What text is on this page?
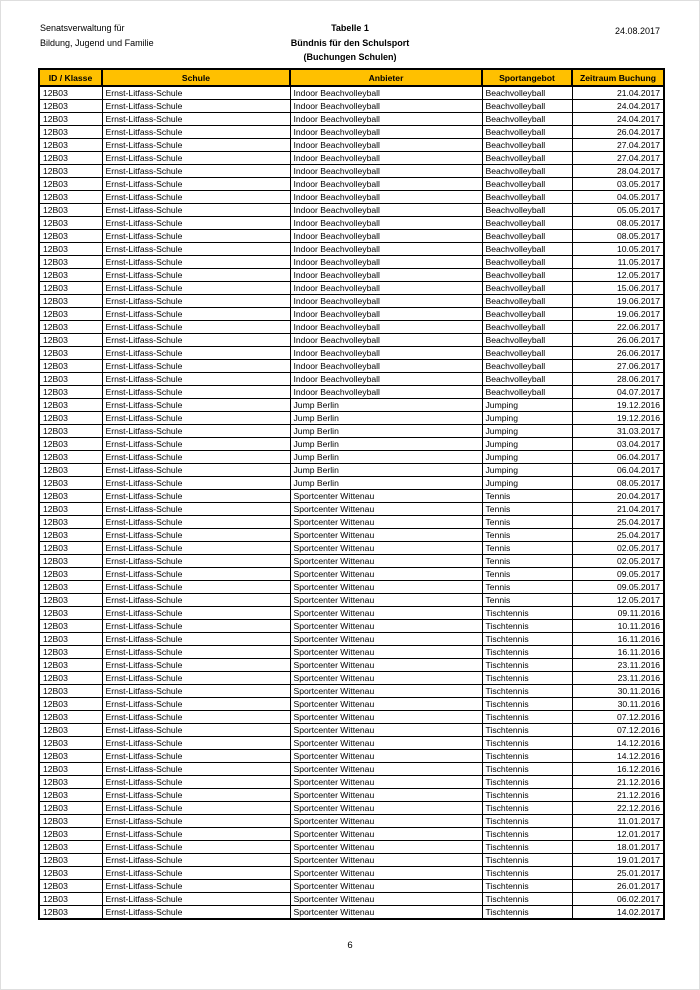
Senatsverwaltung für
Bildung, Jugend und Familie
Tabelle 1
Bündnis für den Schulsport
(Buchungen Schulen)
24.08.2017
ID / Klasse	Schule	Anbieter	Sportangebot	Zeitraum Buchung
12B03	Ernst-Litfass-Schule	Indoor Beachvolleyball	Beachvolleyball	21.04.2017
12B03	Ernst-Litfass-Schule	Indoor Beachvolleyball	Beachvolleyball	24.04.2017
12B03	Ernst-Litfass-Schule	Indoor Beachvolleyball	Beachvolleyball	24.04.2017
12B03	Ernst-Litfass-Schule	Indoor Beachvolleyball	Beachvolleyball	26.04.2017
12B03	Ernst-Litfass-Schule	Indoor Beachvolleyball	Beachvolleyball	27.04.2017
12B03	Ernst-Litfass-Schule	Indoor Beachvolleyball	Beachvolleyball	27.04.2017
12B03	Ernst-Litfass-Schule	Indoor Beachvolleyball	Beachvolleyball	28.04.2017
12B03	Ernst-Litfass-Schule	Indoor Beachvolleyball	Beachvolleyball	03.05.2017
12B03	Ernst-Litfass-Schule	Indoor Beachvolleyball	Beachvolleyball	04.05.2017
12B03	Ernst-Litfass-Schule	Indoor Beachvolleyball	Beachvolleyball	05.05.2017
12B03	Ernst-Litfass-Schule	Indoor Beachvolleyball	Beachvolleyball	08.05.2017
12B03	Ernst-Litfass-Schule	Indoor Beachvolleyball	Beachvolleyball	08.05.2017
12B03	Ernst-Litfass-Schule	Indoor Beachvolleyball	Beachvolleyball	10.05.2017
12B03	Ernst-Litfass-Schule	Indoor Beachvolleyball	Beachvolleyball	11.05.2017
12B03	Ernst-Litfass-Schule	Indoor Beachvolleyball	Beachvolleyball	12.05.2017
12B03	Ernst-Litfass-Schule	Indoor Beachvolleyball	Beachvolleyball	15.06.2017
12B03	Ernst-Litfass-Schule	Indoor Beachvolleyball	Beachvolleyball	19.06.2017
12B03	Ernst-Litfass-Schule	Indoor Beachvolleyball	Beachvolleyball	19.06.2017
12B03	Ernst-Litfass-Schule	Indoor Beachvolleyball	Beachvolleyball	22.06.2017
12B03	Ernst-Litfass-Schule	Indoor Beachvolleyball	Beachvolleyball	26.06.2017
12B03	Ernst-Litfass-Schule	Indoor Beachvolleyball	Beachvolleyball	26.06.2017
12B03	Ernst-Litfass-Schule	Indoor Beachvolleyball	Beachvolleyball	27.06.2017
12B03	Ernst-Litfass-Schule	Indoor Beachvolleyball	Beachvolleyball	28.06.2017
12B03	Ernst-Litfass-Schule	Indoor Beachvolleyball	Beachvolleyball	04.07.2017
12B03	Ernst-Litfass-Schule	Jump Berlin	Jumping	19.12.2016
12B03	Ernst-Litfass-Schule	Jump Berlin	Jumping	19.12.2016
12B03	Ernst-Litfass-Schule	Jump Berlin	Jumping	31.03.2017
12B03	Ernst-Litfass-Schule	Jump Berlin	Jumping	03.04.2017
12B03	Ernst-Litfass-Schule	Jump Berlin	Jumping	06.04.2017
12B03	Ernst-Litfass-Schule	Jump Berlin	Jumping	06.04.2017
12B03	Ernst-Litfass-Schule	Jump Berlin	Jumping	08.05.2017
12B03	Ernst-Litfass-Schule	Sportcenter Wittenau	Tennis	20.04.2017
12B03	Ernst-Litfass-Schule	Sportcenter Wittenau	Tennis	21.04.2017
12B03	Ernst-Litfass-Schule	Sportcenter Wittenau	Tennis	25.04.2017
12B03	Ernst-Litfass-Schule	Sportcenter Wittenau	Tennis	25.04.2017
12B03	Ernst-Litfass-Schule	Sportcenter Wittenau	Tennis	02.05.2017
12B03	Ernst-Litfass-Schule	Sportcenter Wittenau	Tennis	02.05.2017
12B03	Ernst-Litfass-Schule	Sportcenter Wittenau	Tennis	09.05.2017
12B03	Ernst-Litfass-Schule	Sportcenter Wittenau	Tennis	09.05.2017
12B03	Ernst-Litfass-Schule	Sportcenter Wittenau	Tennis	12.05.2017
12B03	Ernst-Litfass-Schule	Sportcenter Wittenau	Tischtennis	09.11.2016
12B03	Ernst-Litfass-Schule	Sportcenter Wittenau	Tischtennis	10.11.2016
12B03	Ernst-Litfass-Schule	Sportcenter Wittenau	Tischtennis	16.11.2016
12B03	Ernst-Litfass-Schule	Sportcenter Wittenau	Tischtennis	16.11.2016
12B03	Ernst-Litfass-Schule	Sportcenter Wittenau	Tischtennis	23.11.2016
12B03	Ernst-Litfass-Schule	Sportcenter Wittenau	Tischtennis	23.11.2016
12B03	Ernst-Litfass-Schule	Sportcenter Wittenau	Tischtennis	30.11.2016
12B03	Ernst-Litfass-Schule	Sportcenter Wittenau	Tischtennis	30.11.2016
12B03	Ernst-Litfass-Schule	Sportcenter Wittenau	Tischtennis	07.12.2016
12B03	Ernst-Litfass-Schule	Sportcenter Wittenau	Tischtennis	07.12.2016
12B03	Ernst-Litfass-Schule	Sportcenter Wittenau	Tischtennis	14.12.2016
12B03	Ernst-Litfass-Schule	Sportcenter Wittenau	Tischtennis	14.12.2016
12B03	Ernst-Litfass-Schule	Sportcenter Wittenau	Tischtennis	16.12.2016
12B03	Ernst-Litfass-Schule	Sportcenter Wittenau	Tischtennis	21.12.2016
12B03	Ernst-Litfass-Schule	Sportcenter Wittenau	Tischtennis	21.12.2016
12B03	Ernst-Litfass-Schule	Sportcenter Wittenau	Tischtennis	22.12.2016
12B03	Ernst-Litfass-Schule	Sportcenter Wittenau	Tischtennis	11.01.2017
12B03	Ernst-Litfass-Schule	Sportcenter Wittenau	Tischtennis	12.01.2017
12B03	Ernst-Litfass-Schule	Sportcenter Wittenau	Tischtennis	18.01.2017
12B03	Ernst-Litfass-Schule	Sportcenter Wittenau	Tischtennis	19.01.2017
12B03	Ernst-Litfass-Schule	Sportcenter Wittenau	Tischtennis	25.01.2017
12B03	Ernst-Litfass-Schule	Sportcenter Wittenau	Tischtennis	26.01.2017
12B03	Ernst-Litfass-Schule	Sportcenter Wittenau	Tischtennis	06.02.2017
12B03	Ernst-Litfass-Schule	Sportcenter Wittenau	Tischtennis	14.02.2017
6
